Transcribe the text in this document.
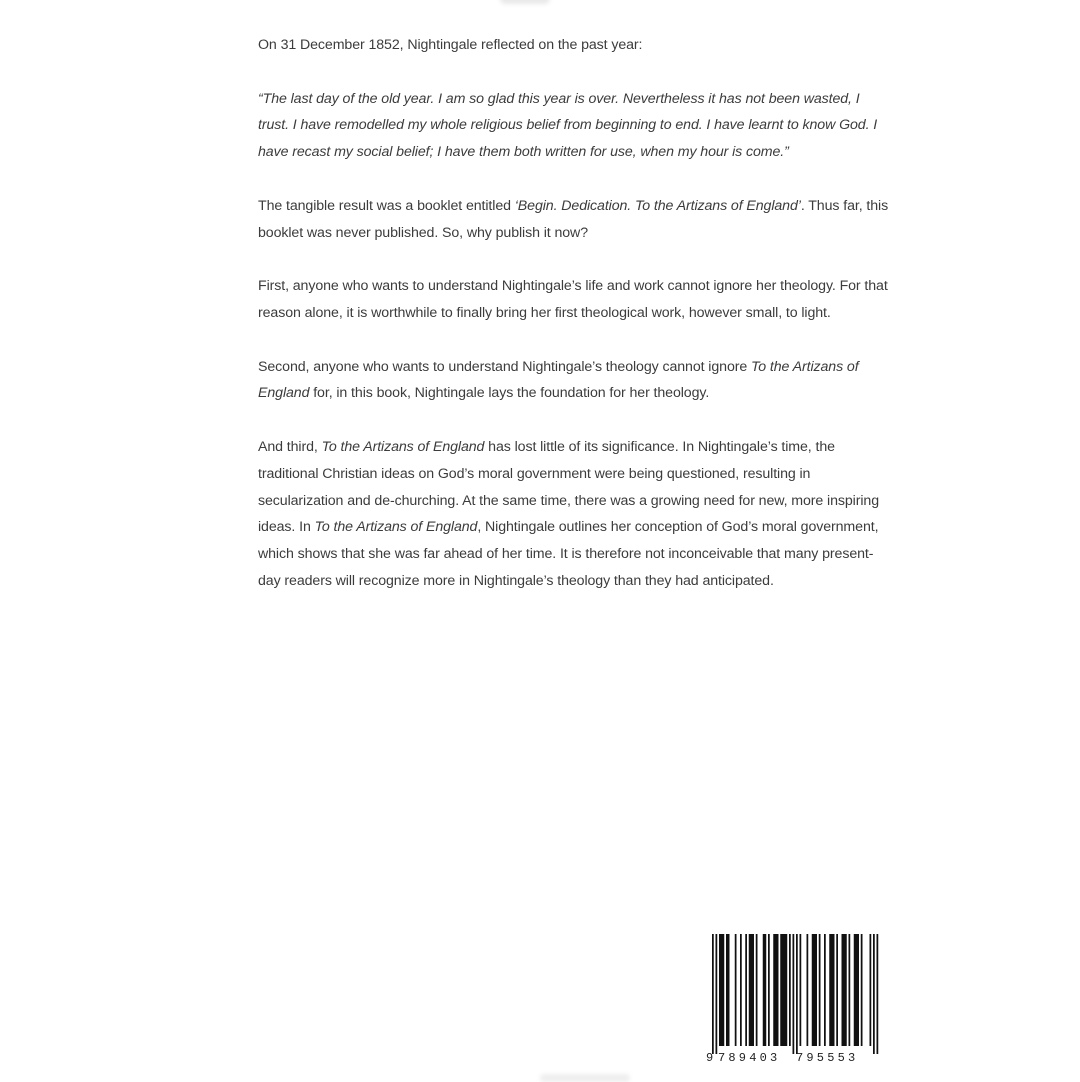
On 31 December 1852, Nightingale reflected on the past year:

“The last day of the old year. I am so glad this year is over. Nevertheless it has not been wasted, I trust. I have remodelled my whole religious belief from beginning to end. I have learnt to know God. I have recast my social belief; I have them both written for use, when my hour is come.”

The tangible result was a booklet entitled ‘Begin. Dedication. To the Artizans of England’. Thus far, this booklet was never published. So, why publish it now?

First, anyone who wants to understand Nightingale’s life and work cannot ignore her theology. For that reason alone, it is worthwhile to finally bring her first theological work, however small, to light.

Second, anyone who wants to understand Nightingale’s theology cannot ignore To the Artizans of England for, in this book, Nightingale lays the foundation for her theology.

And third, To the Artizans of England has lost little of its significance. In Nightingale’s time, the traditional Christian ideas on God’s moral government were being questioned, resulting in secularization and de-churching. At the same time, there was a growing need for new, more inspiring ideas. In To the Artizans of England, Nightingale outlines her conception of God’s moral government, which shows that she was far ahead of her time. It is therefore not inconceivable that many present-day readers will recognize more in Nightingale’s theology than they had anticipated.

9 789403 795553
